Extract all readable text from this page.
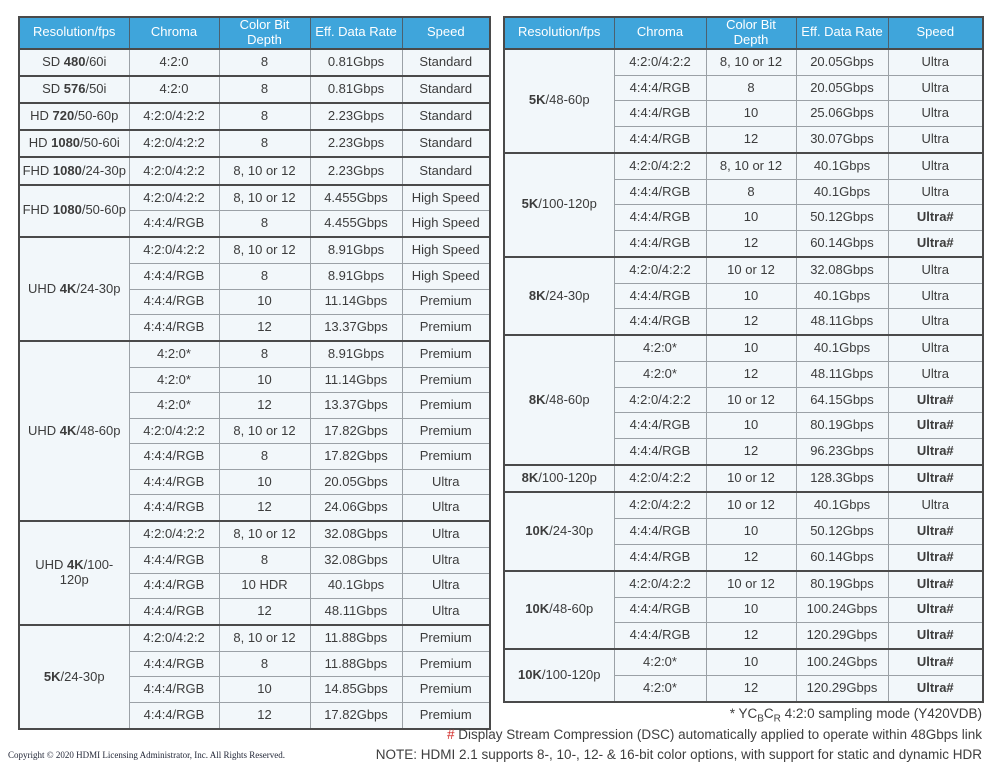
Resolution/fps	Chroma	Color Bit Depth	Eff. Data Rate	Speed
SD 480/60i	4:2:0	8	0.81Gbps	Standard
SD 576/50i	4:2:0	8	0.81Gbps	Standard
HD 720/50-60p	4:2:0/4:2:2	8	2.23Gbps	Standard
HD 1080/50-60i	4:2:0/4:2:2	8	2.23Gbps	Standard
FHD 1080/24-30p	4:2:0/4:2:2	8, 10 or 12	2.23Gbps	Standard
FHD 1080/50-60p	4:2:0/4:2:2	8, 10 or 12	4.455Gbps	High Speed
	4:4:4/RGB	8	4.455Gbps	High Speed
UHD 4K/24-30p	4:2:0/4:2:2	8, 10 or 12	8.91Gbps	High Speed
	4:4:4/RGB	8	8.91Gbps	High Speed
	4:4:4/RGB	10	11.14Gbps	Premium
	4:4:4/RGB	12	13.37Gbps	Premium
UHD 4K/48-60p	4:2:0*	8	8.91Gbps	Premium
	4:2:0*	10	11.14Gbps	Premium
	4:2:0*	12	13.37Gbps	Premium
	4:2:0/4:2:2	8, 10 or 12	17.82Gbps	Premium
	4:4:4/RGB	8	17.82Gbps	Premium
	4:4:4/RGB	10	20.05Gbps	Ultra
	4:4:4/RGB	12	24.06Gbps	Ultra
UHD 4K/100-120p	4:2:0/4:2:2	8, 10 or 12	32.08Gbps	Ultra
	4:4:4/RGB	8	32.08Gbps	Ultra
	4:4:4/RGB	10 HDR	40.1Gbps	Ultra
	4:4:4/RGB	12	48.11Gbps	Ultra
5K/24-30p	4:2:0/4:2:2	8, 10 or 12	11.88Gbps	Premium
	4:4:4/RGB	8	11.88Gbps	Premium
	4:4:4/RGB	10	14.85Gbps	Premium
	4:4:4/RGB	12	17.82Gbps	Premium
Resolution/fps	Chroma	Color Bit Depth	Eff. Data Rate	Speed
5K/48-60p	4:2:0/4:2:2	8, 10 or 12	20.05Gbps	Ultra
	4:4:4/RGB	8	20.05Gbps	Ultra
	4:4:4/RGB	10	25.06Gbps	Ultra
	4:4:4/RGB	12	30.07Gbps	Ultra
5K/100-120p	4:2:0/4:2:2	8, 10 or 12	40.1Gbps	Ultra
	4:4:4/RGB	8	40.1Gbps	Ultra
	4:4:4/RGB	10	50.12Gbps	Ultra#
	4:4:4/RGB	12	60.14Gbps	Ultra#
8K/24-30p	4:2:0/4:2:2	10 or 12	32.08Gbps	Ultra
	4:4:4/RGB	10	40.1Gbps	Ultra
	4:4:4/RGB	12	48.11Gbps	Ultra
8K/48-60p	4:2:0*	10	40.1Gbps	Ultra
	4:2:0*	12	48.11Gbps	Ultra
	4:2:0/4:2:2	10 or 12	64.15Gbps	Ultra#
	4:4:4/RGB	10	80.19Gbps	Ultra#
	4:4:4/RGB	12	96.23Gbps	Ultra#
8K/100-120p	4:2:0/4:2:2	10 or 12	128.3Gbps	Ultra#
10K/24-30p	4:2:0/4:2:2	10 or 12	40.1Gbps	Ultra
	4:4:4/RGB	10	50.12Gbps	Ultra#
	4:4:4/RGB	12	60.14Gbps	Ultra#
10K/48-60p	4:2:0/4:2:2	10 or 12	80.19Gbps	Ultra#
	4:4:4/RGB	10	100.24Gbps	Ultra#
	4:4:4/RGB	12	120.29Gbps	Ultra#
10K/100-120p	4:2:0*	10	100.24Gbps	Ultra#
	4:2:0*	12	120.29Gbps	Ultra#
* $YC_BC_R$ 4:2:0 sampling mode (Y420VDB)
# Display Stream Compression (DSC) automatically applied to operate within 48Gbps link
NOTE: HDMI 2.1 supports 8-, 10-, 12- & 16-bit color options, with support for static and dynamic HDR
Copyright © 2020 HDMI Licensing Administrator, Inc. All Rights Reserved.
